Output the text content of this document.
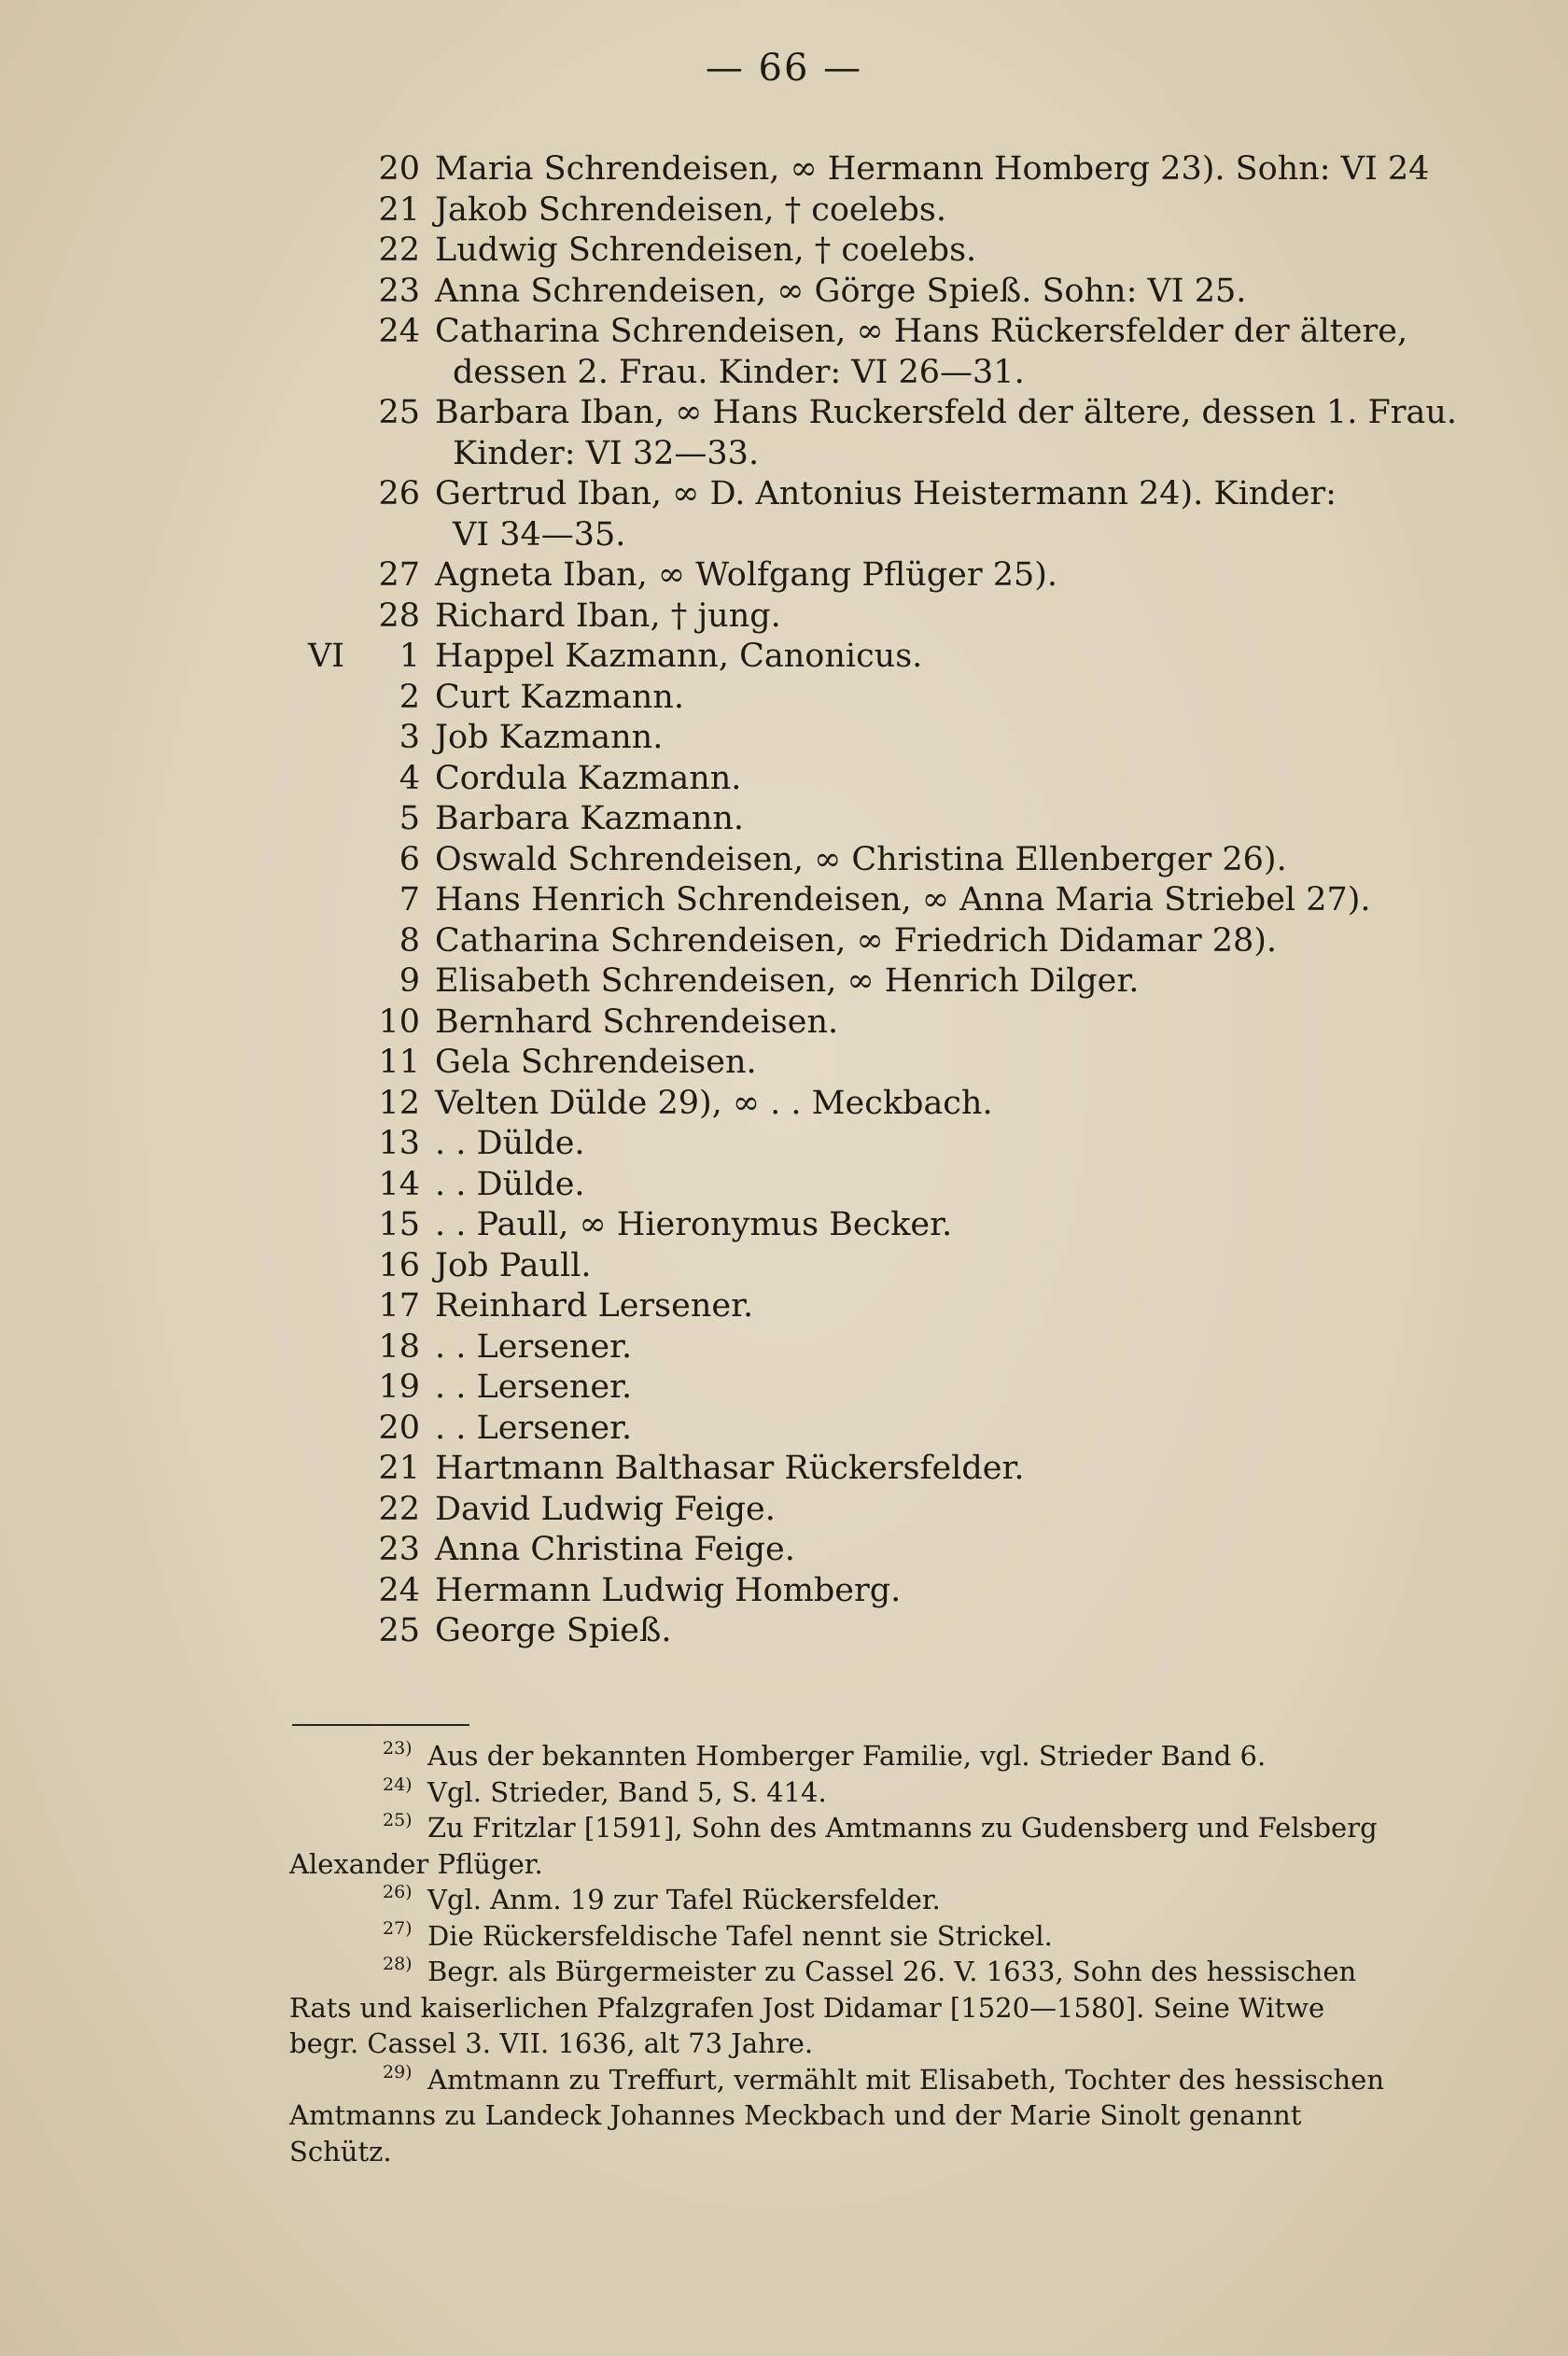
— 66 —
20 Maria Schrendeisen, ∞ Hermann Homberg 23). Sohn: VI 24
21 Jakob Schrendeisen, † coelebs.
22 Ludwig Schrendeisen, † coelebs.
23 Anna Schrendeisen, ∞ Görge Spieß. Sohn: VI 25.
24 Catharina Schrendeisen, ∞ Hans Rückersfelder der ältere,
dessen 2. Frau. Kinder: VI 26—31.
25 Barbara Iban, ∞ Hans Ruckersfeld der ältere, dessen 1. Frau.
Kinder: VI 32—33.
26 Gertrud Iban, ∞ D. Antonius Heistermann 24). Kinder:
VI 34—35.
27 Agneta Iban, ∞ Wolfgang Pflüger 25).
28 Richard Iban, † jung.
VI	1 Happel Kazmann, Canonicus.
2 Curt Kazmann.
3 Job Kazmann.
4 Cordula Kazmann.
5 Barbara Kazmann.
6 Oswald Schrendeisen, ∞ Christina Ellenberger 26).
7 Hans Henrich Schrendeisen, ∞ Anna Maria Striebel 27).
8 Catharina Schrendeisen, ∞ Friedrich Didamar 28).
9 Elisabeth Schrendeisen, ∞ Henrich Dilger.
10 Bernhard Schrendeisen.
11 Gela Schrendeisen.
12 Velten Dülde 29), ∞ . . Meckbach.
13 . . Dülde.
14 . . Dülde.
15 . . Paull, ∞ Hieronymus Becker.
16 Job Paull.
17 Reinhard Lersener.
18 . . Lersener.
19 . . Lersener.
20 . . Lersener.
21 Hartmann Balthasar Rückersfelder.
22 David Ludwig Feige.
23 Anna Christina Feige.
24 Hermann Ludwig Homberg.
25 George Spieß.
23) Aus der bekannten Homberger Familie, vgl. Strieder Band 6.
24) Vgl. Strieder, Band 5, S. 414.
25) Zu Fritzlar [1591], Sohn des Amtmanns zu Gudensberg und Felsberg
Alexander Pflüger.
26) Vgl. Anm. 19 zur Tafel Rückersfelder.
27) Die Rückersfeldische Tafel nennt sie Strickel.
28) Begr. als Bürgermeister zu Cassel 26. V. 1633, Sohn des hessischen
Rats und kaiserlichen Pfalzgrafen Jost Didamar [1520—1580]. Seine Witwe
begr. Cassel 3. VII. 1636, alt 73 Jahre.
29) Amtmann zu Treffurt, vermählt mit Elisabeth, Tochter des hessischen
Amtmanns zu Landeck Johannes Meckbach und der Marie Sinolt genannt
Schütz.
